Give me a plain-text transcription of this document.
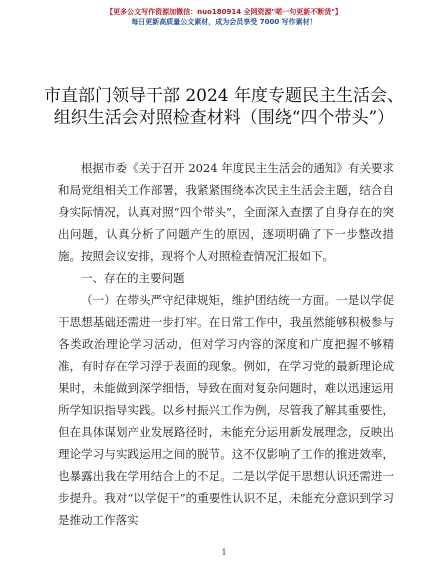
【更多公文写作资源加微信：nuo180914 全网资源"喏一句更新不断货"】
每日更新高质量公文素材，成为会员享受 7000 写作素材！
市直部门领导干部 2024 年度专题民主生活会、组织生活会对照检查材料（围绕“四个带头”）

根据市委《关于召开 2024 年度民主生活会的通知》有关要求和局党组相关工作部署，我紧紧围绕本次民主生活会主题，结合自身实际情况，认真对照“四个带头”，全面深入查摆了自身存在的突出问题，认真分析了问题产生的原因，逐项明确了下一步整改措施。按照会议安排，现将个人对照检查情况汇报如下。

一、存在的主要问题

（一）在带头严守纪律规矩，维护团结统一方面。一是以学促干思想基础还需进一步打牢。在日常工作中，我虽然能够积极参与各类政治理论学习活动，但对学习内容的深度和广度把握不够精准，有时存在学习浮于表面的现象。例如，在学习党的最新理论成果时，未能做到深学细悟，导致在面对复杂问题时，难以迅速运用所学知识指导实践。以乡村振兴工作为例，尽管我了解其重要性，但在具体谋划产业发展路径时，未能充分运用新发展理念，反映出理论学习与实践运用之间的脱节。这不仅影响了工作的推进效率，也暴露出我在学用结合上的不足。二是以学促干思想认识还需进一步提升。我对“以学促干”的重要性认识不足，未能充分意识到学习是推动工作落实

1
